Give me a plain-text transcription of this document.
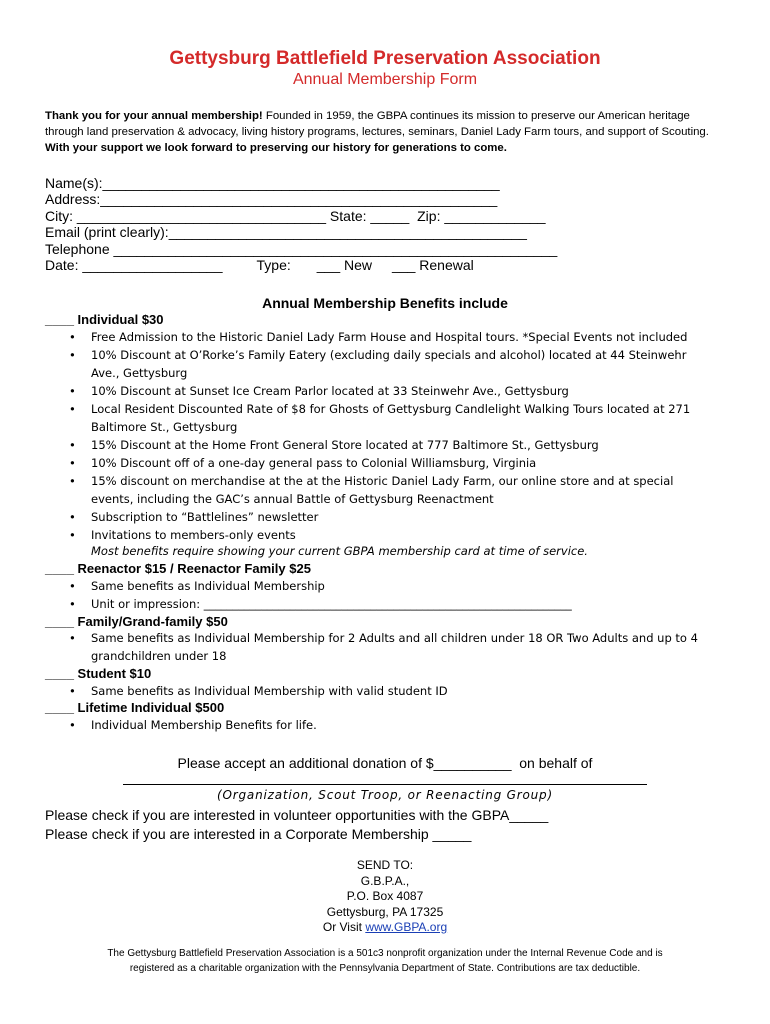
Gettysburg Battlefield Preservation Association
Annual Membership Form
Thank you for your annual membership! Founded in 1959, the GBPA continues its mission to preserve our American heritage through land preservation & advocacy, living history programs, lectures, seminars, Daniel Lady Farm tours, and support of Scouting. With your support we look forward to preserving our history for generations to come.
Name(s):___________________________________________________
Address:___________________________________________________
City: ________________________________ State: _____  Zip: _____________
Email (print clearly):______________________________________________
Telephone _________________________________________________________
Date: __________________ Type: ___ New ___ Renewal
Annual Membership Benefits include
____ Individual $30
• Free Admission to the Historic Daniel Lady Farm House and Hospital tours. *Special Events not included
• 10% Discount at O’Rorke’s Family Eatery (excluding daily specials and alcohol) located at 44 Steinwehr Ave., Gettysburg
• 10% Discount at Sunset Ice Cream Parlor located at 33 Steinwehr Ave., Gettysburg
• Local Resident Discounted Rate of $8 for Ghosts of Gettysburg Candlelight Walking Tours located at 271 Baltimore St., Gettysburg
• 15% Discount at the Home Front General Store located at 777 Baltimore St., Gettysburg
• 10% Discount off of a one-day general pass to Colonial Williamsburg, Virginia
• 15% discount on merchandise at the at the Historic Daniel Lady Farm, our online store and at special events, including the GAC’s annual Battle of Gettysburg Reenactment
• Subscription to “Battlelines” newsletter
• Invitations to members-only events
Most benefits require showing your current GBPA membership card at time of service.
____ Reenactor $15 / Reenactor Family $25
• Same benefits as Individual Membership
• Unit or impression: ________________________________________________________________
____ Family/Grand-family $50
• Same benefits as Individual Membership for 2 Adults and all children under 18 OR Two Adults and up to 4 grandchildren under 18
____ Student $10
• Same benefits as Individual Membership with valid student ID
____ Lifetime Individual $500
• Individual Membership Benefits for life.
Please accept an additional donation of $__________  on behalf of
(Organization, Scout Troop, or Reenacting Group)
Please check if you are interested in volunteer opportunities with the GBPA_____
Please check if you are interested in a Corporate Membership _____
SEND TO:
G.B.P.A.,
P.O. Box 4087
Gettysburg, PA 17325
Or Visit www.GBPA.org
The Gettysburg Battlefield Preservation Association is a 501c3 nonprofit organization under the Internal Revenue Code and is
registered as a charitable organization with the Pennsylvania Department of State. Contributions are tax deductible.
